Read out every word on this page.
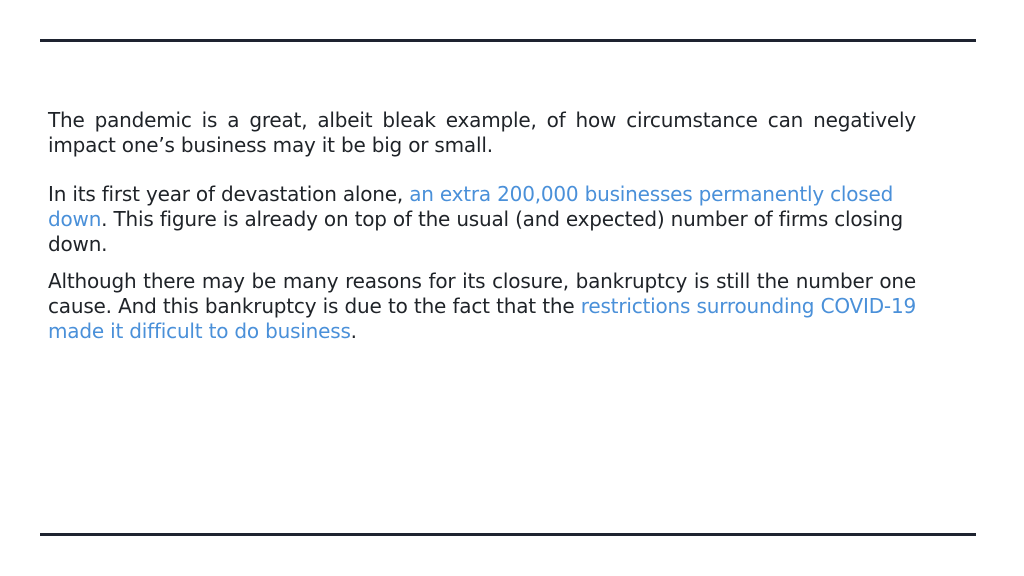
The pandemic is a great, albeit bleak example, of how circumstance can negatively impact one’s business may it be big or small.

In its first year of devastation alone, an extra 200,000 businesses permanently closed down. This figure is already on top of the usual (and expected) number of firms closing down.

Although there may be many reasons for its closure, bankruptcy is still the number one cause. And this bankruptcy is due to the fact that the restrictions surrounding COVID-19 made it difficult to do business.
